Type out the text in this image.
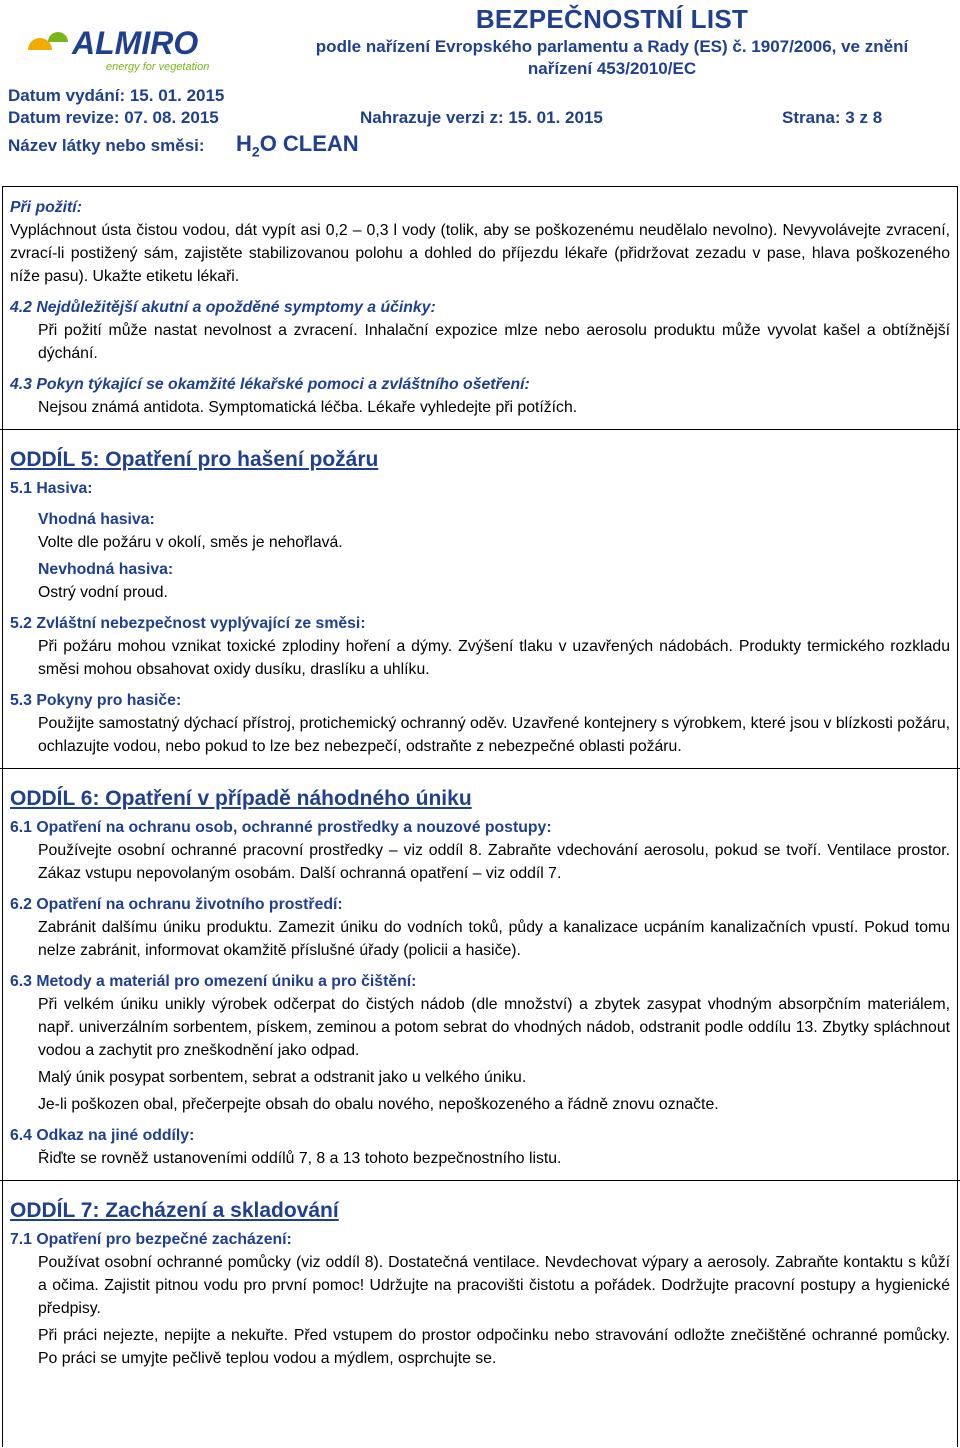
ALMIRO
energy for vegetation
BEZPEČNOSTNÍ LIST
podle nařízení Evropského parlamentu a Rady (ES) č. 1907/2006, ve znění
nařízení 453/2010/EC
Datum vydání: 15. 01. 2015
Datum revize: 07. 08. 2015	Nahrazuje verzi z: 15. 01. 2015	Strana: 3 z 8
Název látky nebo směsi: $H_2O$ CLEAN
Při požití:
Vypláchnout ústa čistou vodou, dát vypít asi 0,2 – 0,3 l vody (tolik, aby se poškozenému neudělalo nevolno). Nevyvolávejte zvracení, zvrací-li postižený sám, zajistěte stabilizovanou polohu a dohled do příjezdu lékaře (přidržovat zezadu v pase, hlava poškozeného níže pasu). Ukažte etiketu lékaři.
4.2 Nejdůležitější akutní a opožděné symptomy a účinky:
Při požití může nastat nevolnost a zvracení. Inhalační expozice mlze nebo aerosolu produktu může vyvolat kašel a obtížnější dýchání.
4.3 Pokyn týkající se okamžité lékařské pomoci a zvláštního ošetření:
Nejsou známá antidota. Symptomatická léčba. Lékaře vyhledejte při potížích.
ODDÍL 5: Opatření pro hašení požáru
5.1 Hasiva:
Vhodná hasiva:
Volte dle požáru v okolí, směs je nehořlavá.
Nevhodná hasiva:
Ostrý vodní proud.
5.2 Zvláštní nebezpečnost vyplývající ze směsi:
Při požáru mohou vznikat toxické zplodiny hoření a dýmy. Zvýšení tlaku v uzavřených nádobách. Produkty termického rozkladu směsi mohou obsahovat oxidy dusíku, draslíku a uhlíku.
5.3 Pokyny pro hasiče:
Použijte samostatný dýchací přístroj, protichemický ochranný oděv. Uzavřené kontejnery s výrobkem, které jsou v blízkosti požáru, ochlazujte vodou, nebo pokud to lze bez nebezpečí, odstraňte z nebezpečné oblasti požáru.
ODDÍL 6: Opatření v případě náhodného úniku
6.1 Opatření na ochranu osob, ochranné prostředky a nouzové postupy:
Používejte osobní ochranné pracovní prostředky – viz oddíl 8. Zabraňte vdechování aerosolu, pokud se tvoří. Ventilace prostor. Zákaz vstupu nepovolaným osobám. Další ochranná opatření – viz oddíl 7.
6.2 Opatření na ochranu životního prostředí:
Zabránit dalšímu úniku produktu. Zamezit úniku do vodních toků, půdy a kanalizace ucpáním kanalizačních vpustí. Pokud tomu nelze zabránit, informovat okamžitě příslušné úřady (policii a hasiče).
6.3 Metody a materiál pro omezení úniku a pro čištění:
Při velkém úniku unikly výrobek odčerpat do čistých nádob (dle množství) a zbytek zasypat vhodným absorpčním materiálem, např. univerzálním sorbentem, pískem, zeminou a potom sebrat do vhodných nádob, odstranit podle oddílu 13. Zbytky spláchnout vodou a zachytit pro zneškodnění jako odpad.
Malý únik posypat sorbentem, sebrat a odstranit jako u velkého úniku.
Je-li poškozen obal, přečerpejte obsah do obalu nového, nepoškozeného a řádně znovu označte.
6.4 Odkaz na jiné oddíly:
Řiďte se rovněž ustanoveními oddílů 7, 8 a 13 tohoto bezpečnostního listu.
ODDÍL 7: Zacházení a skladování
7.1 Opatření pro bezpečné zacházení:
Používat osobní ochranné pomůcky (viz oddíl 8). Dostatečná ventilace. Nevdechovat výpary a aerosoly. Zabraňte kontaktu s kůží a očima. Zajistit pitnou vodu pro první pomoc! Udržujte na pracovišti čistotu a pořádek. Dodržujte pracovní postupy a hygienické předpisy.
Při práci nejezte, nepijte a nekuřte. Před vstupem do prostor odpočinku nebo stravování odložte znečištěné ochranné pomůcky. Po práci se umyjte pečlivě teplou vodou a mýdlem, osprchujte se.
